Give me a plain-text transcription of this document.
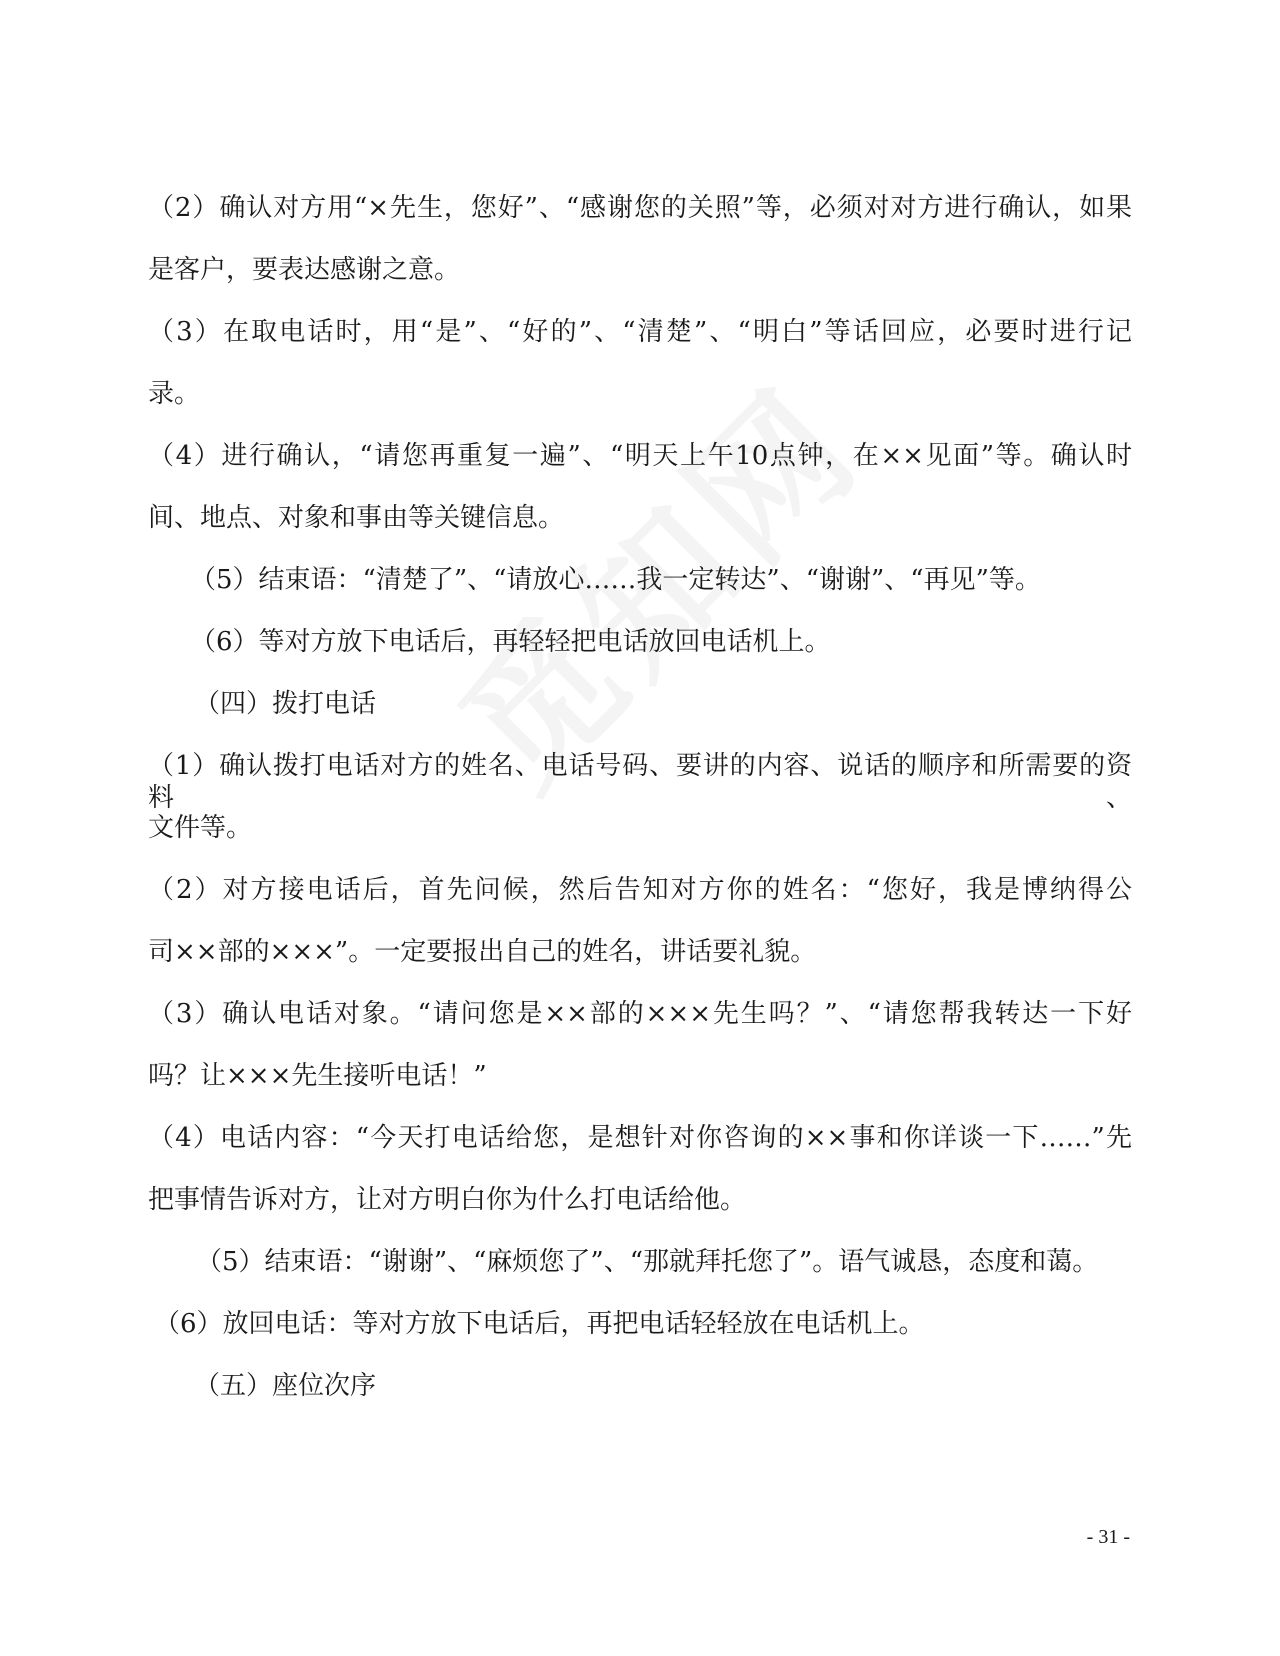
（2）确认对方用“×先生，您好”、“感谢您的关照”等，必须对对方进行确认，如果

是客户，要表达感谢之意。

（3）在取电话时，用“是”、“好的”、“清楚”、“明白”等话回应，必要时进行记

录。

（4）进行确认，“请您再重复一遍”、“明天上午10点钟，在××见面”等。确认时

间、地点、对象和事由等关键信息。

（5）结束语：“清楚了”、“请放心……我一定转达”、“谢谢”、“再见”等。

（6）等对方放下电话后，再轻轻把电话放回电话机上。

（四）拨打电话

（1）确认拨打电话对方的姓名、电话号码、要讲的内容、说话的顺序和所需要的资料、

文件等。

（2）对方接电话后，首先问候，然后告知对方你的姓名：“您好，我是博纳得公

司××部的×××”。一定要报出自己的姓名，讲话要礼貌。

（3）确认电话对象。“请问您是××部的×××先生吗？”、“请您帮我转达一下好

吗？让×××先生接听电话！”

（4）电话内容：“今天打电话给您，是想针对你咨询的××事和你详谈一下……”先

把事情告诉对方，让对方明白你为什么打电话给他。

（5）结束语：“谢谢”、“麻烦您了”、“那就拜托您了”。语气诚恳，态度和蔼。

（6）放回电话：等对方放下电话后，再把电话轻轻放在电话机上。

（五）座位次序

- 31 -
